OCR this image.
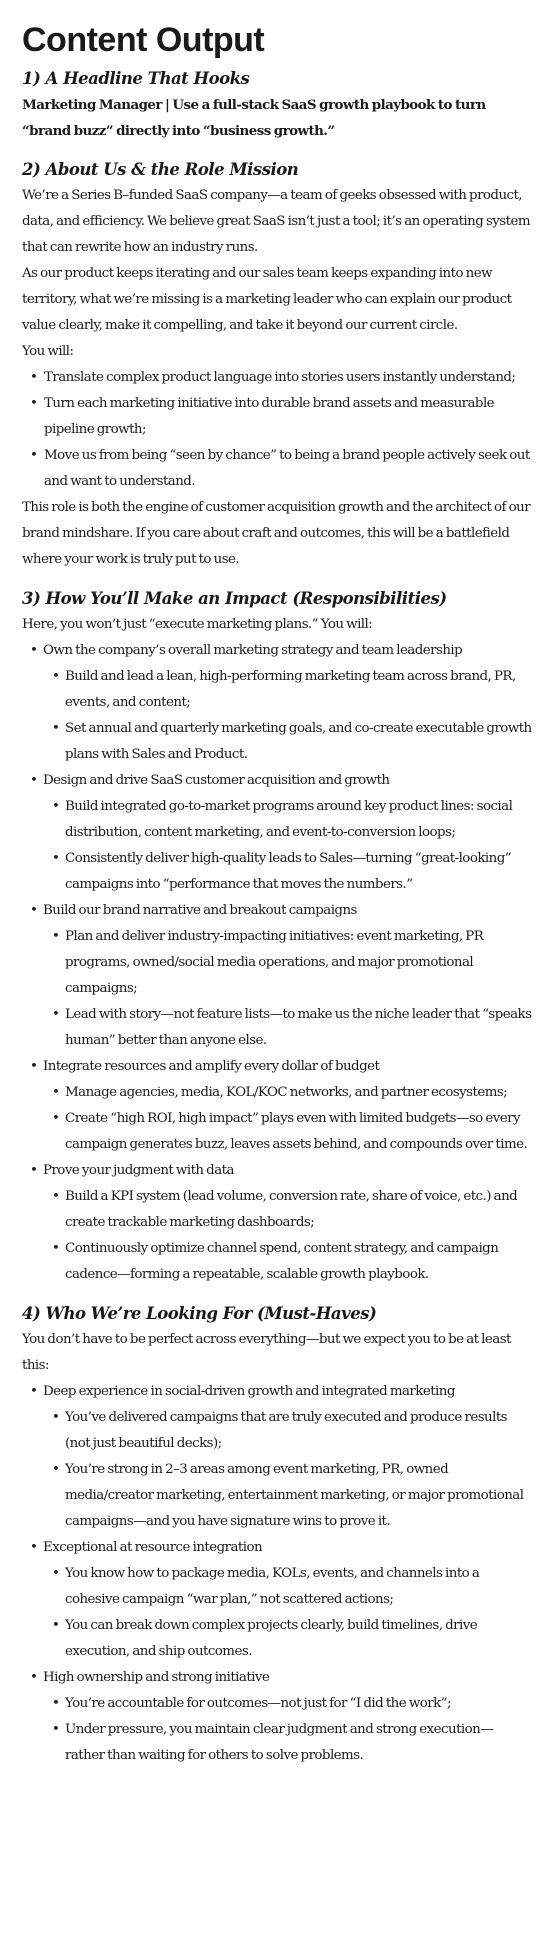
Content Output
1) A Headline That Hooks

Marketing Manager | Use a full-stack SaaS growth playbook to turn “brand buzz” directly into “business growth.”

2) About Us & the Role Mission

We’re a Series B–funded SaaS company—a team of geeks obsessed with product, data, and efficiency. We believe great SaaS isn’t just a tool; it’s an operating system that can rewrite how an industry runs.

As our product keeps iterating and our sales team keeps expanding into new territory, what we’re missing is a marketing leader who can explain our product value clearly, make it compelling, and take it beyond our current circle.

You will:

• Translate complex product language into stories users instantly understand;
• Turn each marketing initiative into durable brand assets and measurable pipeline growth;
• Move us from being “seen by chance” to being a brand people actively seek out and want to understand.

This role is both the engine of customer acquisition growth and the architect of our brand mindshare. If you care about craft and outcomes, this will be a battlefield where your work is truly put to use.

3) How You’ll Make an Impact (Responsibilities)

Here, you won’t just “execute marketing plans.” You will:

• Own the company’s overall marketing strategy and team leadership
• Build and lead a lean, high-performing marketing team across brand, PR, events, and content;
• Set annual and quarterly marketing goals, and co-create executable growth plans with Sales and Product.
• Design and drive SaaS customer acquisition and growth
• Build integrated go-to-market programs around key product lines: social distribution, content marketing, and event-to-conversion loops;
• Consistently deliver high-quality leads to Sales—turning “great-looking” campaigns into “performance that moves the numbers.”
• Build our brand narrative and breakout campaigns
• Plan and deliver industry-impacting initiatives: event marketing, PR programs, owned/social media operations, and major promotional campaigns;
• Lead with story—not feature lists—to make us the niche leader that “speaks human” better than anyone else.
• Integrate resources and amplify every dollar of budget
• Manage agencies, media, KOL/KOC networks, and partner ecosystems;
• Create “high ROI, high impact” plays even with limited budgets—so every campaign generates buzz, leaves assets behind, and compounds over time.
• Prove your judgment with data
• Build a KPI system (lead volume, conversion rate, share of voice, etc.) and create trackable marketing dashboards;
• Continuously optimize channel spend, content strategy, and campaign cadence—forming a repeatable, scalable growth playbook.
4) Who We’re Looking For (Must-Haves)

You don’t have to be perfect across everything—but we expect you to be at least this:

• Deep experience in social-driven growth and integrated marketing
• You’ve delivered campaigns that are truly executed and produce results (not just beautiful decks);
• You’re strong in 2–3 areas among event marketing, PR, owned media/creator marketing, entertainment marketing, or major promotional campaigns—and you have signature wins to prove it.
• Exceptional at resource integration
• You know how to package media, KOLs, events, and channels into a cohesive campaign “war plan,” not scattered actions;
• You can break down complex projects clearly, build timelines, drive execution, and ship outcomes.
• High ownership and strong initiative
• You’re accountable for outcomes—not just for “I did the work”;
• Under pressure, you maintain clear judgment and strong execution—rather than waiting for others to solve problems.
